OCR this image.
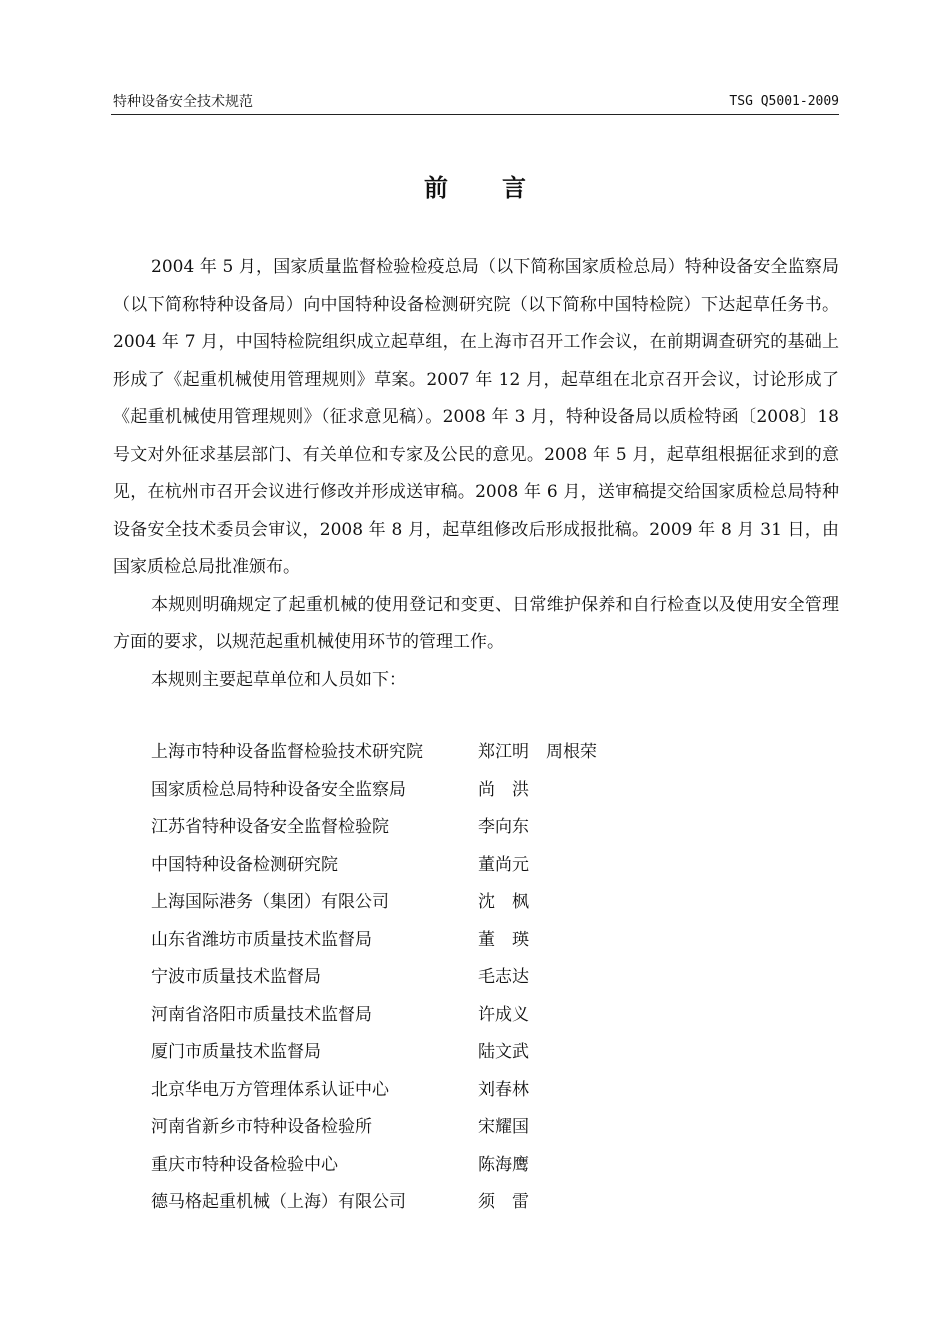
特种设备安全技术规范	TSG Q5001-2009
前 言

2004 年 5 月，国家质量监督检验检疫总局（以下简称国家质检总局）特种设备安全监察局（以下简称特种设备局）向中国特种设备检测研究院（以下简称中国特检院）下达起草任务书。2004 年 7 月，中国特检院组织成立起草组，在上海市召开工作会议，在前期调查研究的基础上形成了《起重机械使用管理规则》草案。2007 年 12 月，起草组在北京召开会议，讨论形成了《起重机械使用管理规则》（征求意见稿）。2008 年 3 月，特种设备局以质检特函〔2008〕18 号文对外征求基层部门、有关单位和专家及公民的意见。2008 年 5 月，起草组根据征求到的意见，在杭州市召开会议进行修改并形成送审稿。2008 年 6 月，送审稿提交给国家质检总局特种设备安全技术委员会审议，2008 年 8 月，起草组修改后形成报批稿。2009 年 8 月 31 日，由国家质检总局批准颁布。

本规则明确规定了起重机械的使用登记和变更、日常维护保养和自行检查以及使用安全管理方面的要求，以规范起重机械使用环节的管理工作。

本规则主要起草单位和人员如下：

上海市特种设备监督检验技术研究院	郑江明　周根荣
国家质检总局特种设备安全监察局	尚　洪
江苏省特种设备安全监督检验院	李向东
中国特种设备检测研究院	董尚元
上海国际港务（集团）有限公司	沈　枫
山东省潍坊市质量技术监督局	董　瑛
宁波市质量技术监督局	毛志达
河南省洛阳市质量技术监督局	许成义
厦门市质量技术监督局	陆文武
北京华电万方管理体系认证中心	刘春林
河南省新乡市特种设备检验所	宋耀国
重庆市特种设备检验中心	陈海鹰
德马格起重机械（上海）有限公司	须　雷
